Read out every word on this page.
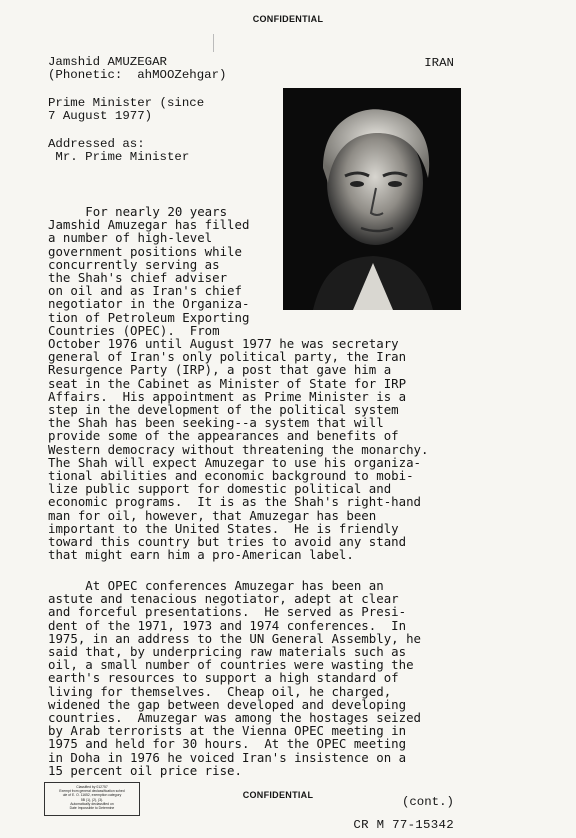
CONFIDENTIAL
Jamshid AMUZEGAR
(Phonetic:  ahMOOZehgar)
IRAN
Prime Minister (since
7 August 1977)
Addressed as:
Mr. Prime Minister
For nearly 20 years
Jamshid Amuzegar has filled
a number of high-level
government positions while
concurrently serving as
the Shah's chief adviser
on oil and as Iran's chief
negotiator in the Organiza-
tion of Petroleum Exporting
Countries (OPEC).  From
October 1976 until August 1977 he was secretary
general of Iran's only political party, the Iran
Resurgence Party (IRP), a post that gave him a
seat in the Cabinet as Minister of State for IRP
Affairs.  His appointment as Prime Minister is a
step in the development of the political system
the Shah has been seeking--a system that will
provide some of the appearances and benefits of
Western democracy without threatening the monarchy.
The Shah will expect Amuzegar to use his organiza-
tional abilities and economic background to mobi-
lize public support for domestic political and
economic programs.  It is as the Shah's right-hand
man for oil, however, that Amuzegar has been
important to the United States.  He is friendly
toward this country but tries to avoid any stand
that might earn him a pro-American label.
At OPEC conferences Amuzegar has been an
astute and tenacious negotiator, adept at clear
and forceful presentations.  He served as Presi-
dent of the 1971, 1973 and 1974 conferences.  In
1975, in an address to the UN General Assembly, he
said that, by underpricing raw materials such as
oil, a small number of countries were wasting the
earth's resources to support a high standard of
living for themselves.  Cheap oil, he charged,
widened the gap between developed and developing
countries.  Amuzegar was among the hostages seized
by Arab terrorists at the Vienna OPEC meeting in
1975 and held for 30 hours.  At the OPEC meeting
in Doha in 1976 he voiced Iran's insistence on a
15 percent oil price rise.
Classified by 012757
Exempt from general declassification sched
ule of E. O. 11652, exemption category
5B (1), (2), (3).
Automatically declassified on
Date Impossible to Determine
CONFIDENTIAL	(cont.)
CR M 77-15342
